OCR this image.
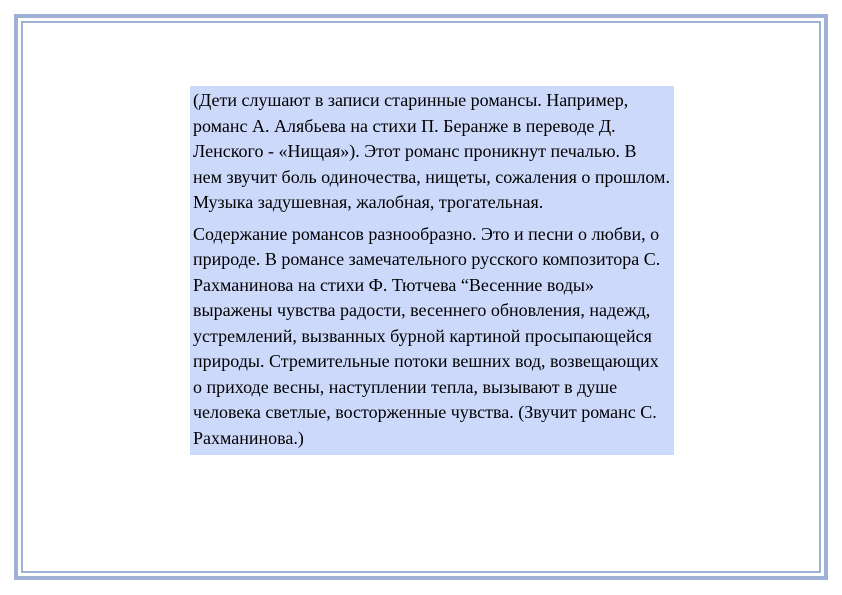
(Дети слушают в записи старинные романсы. Например, романс А. Алябьева на стихи П. Беранже в переводе Д. Ленского - «Нищая»). Этот романс проникнут печалью. В нем звучит боль одиночества, нищеты, сожаления о прошлом. Музыка задушевная, жалобная, трогательная.

Содержание романсов разнообразно. Это и песни о любви, о природе. В романсе замечательного русского композитора С. Рахманинова на стихи Ф. Тютчева “Весенние воды» выражены чувства радости, весеннего обновления, надежд, устремлений, вызванных бурной картиной просыпающейся природы. Стремительные потоки вешних вод, возвещающих о приходе весны, наступлении тепла, вызывают в душе человека светлые, восторженные чувства. (Звучит романс С. Рахманинова.)
